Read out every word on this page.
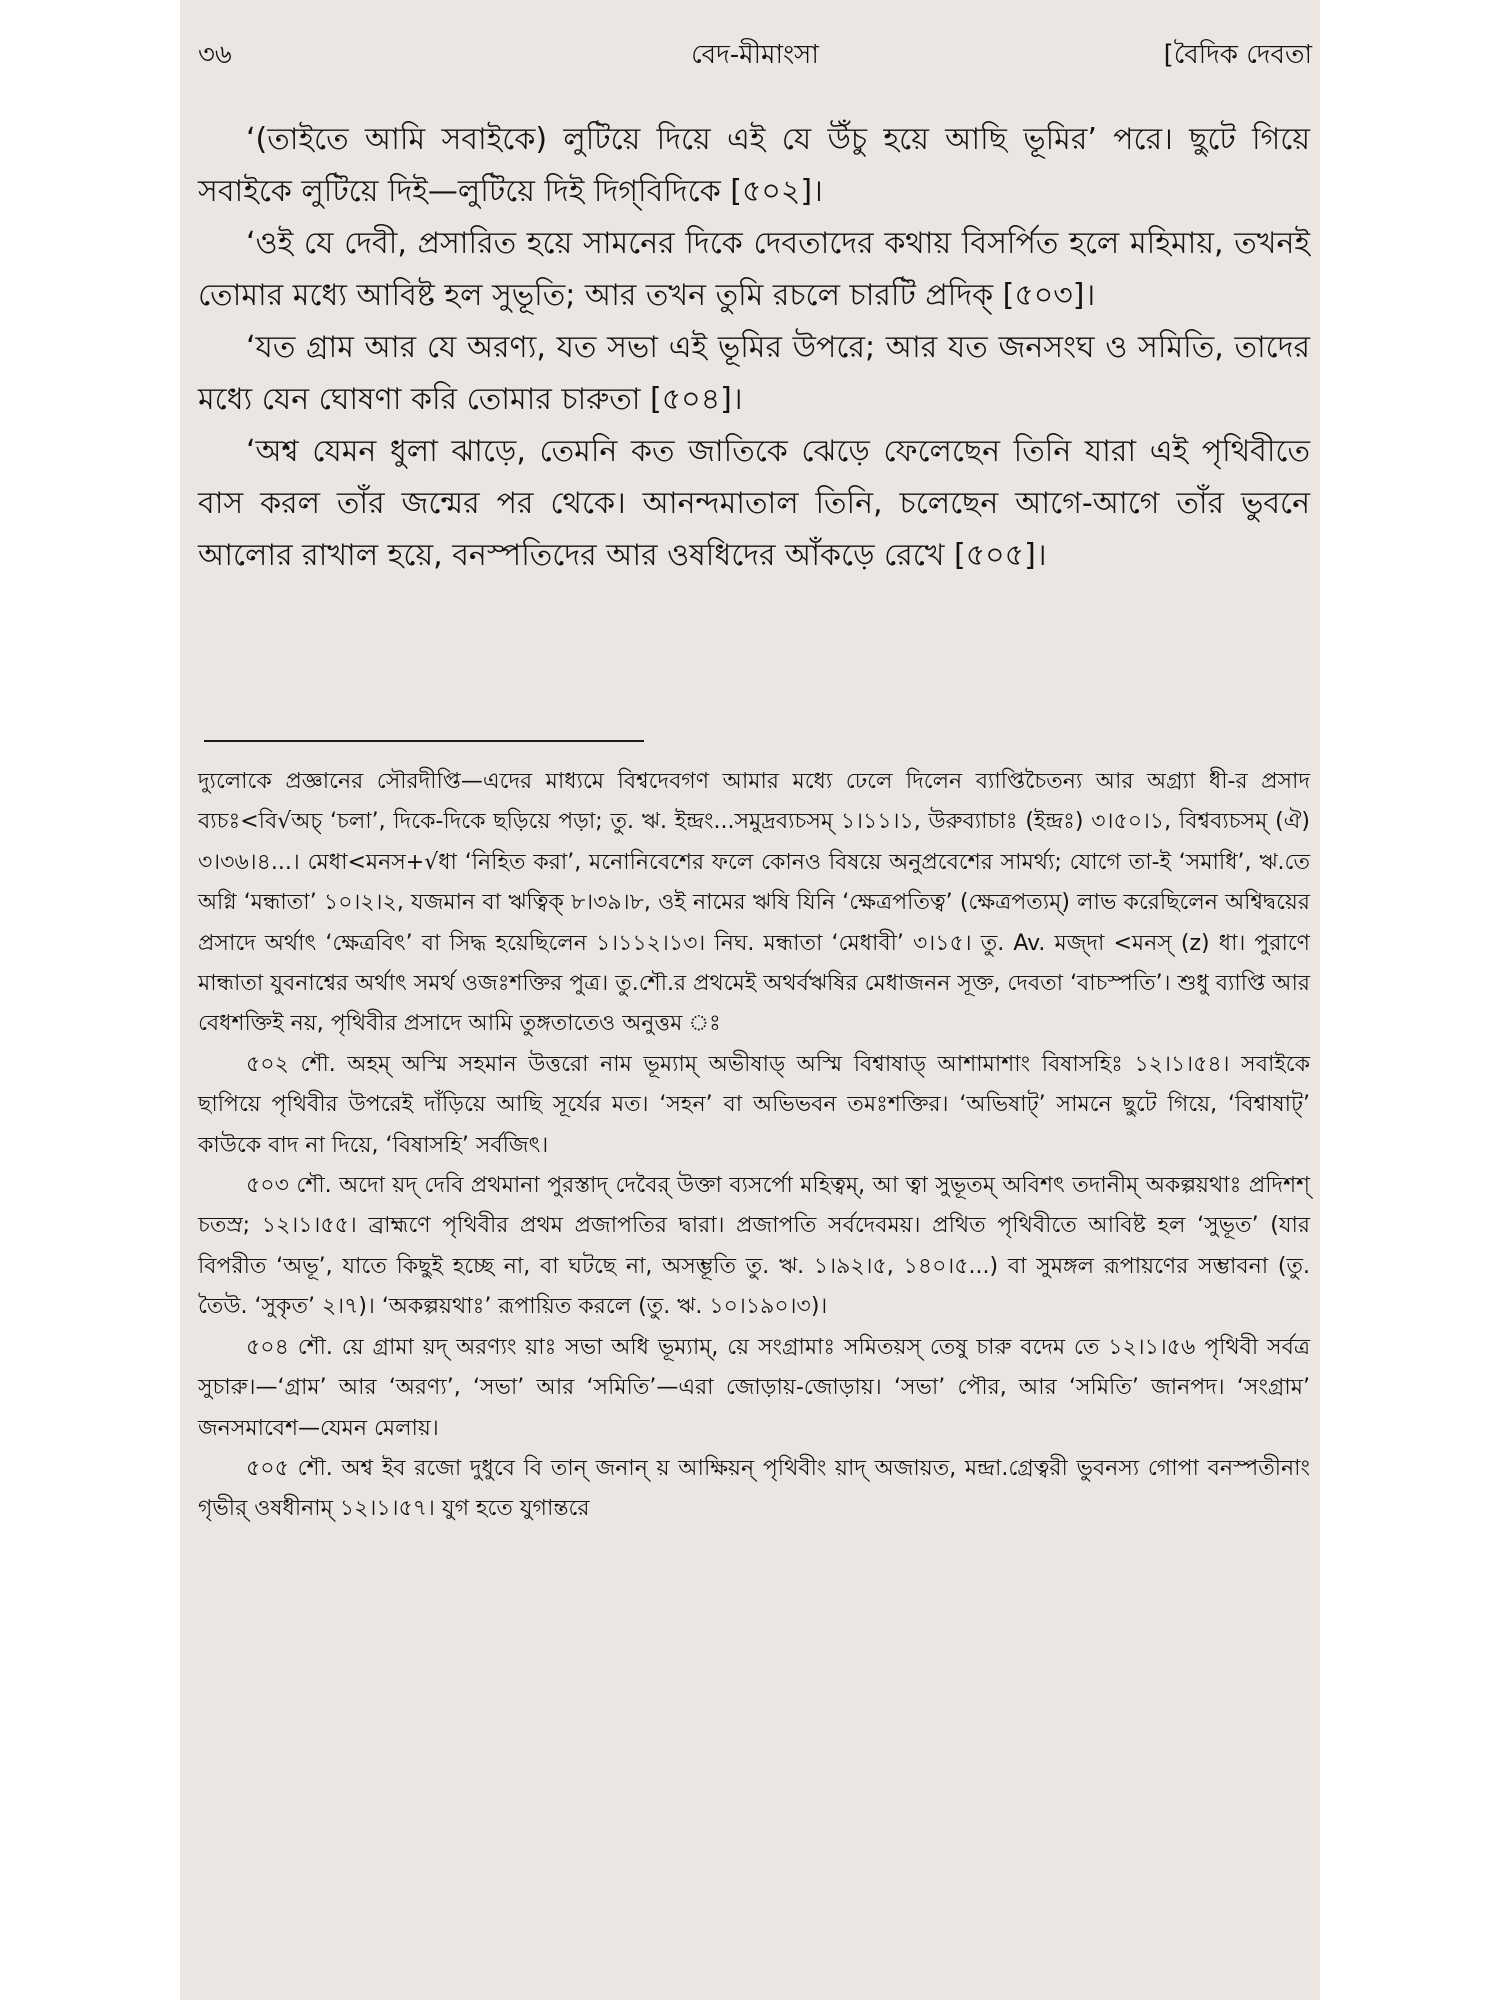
৩৬	বেদ-মীমাংসা	[বৈদিক দেবতা

‘(তাইতে আমি সবাইকে) লুটিয়ে দিয়ে এই যে উঁচু হয়ে আছি ভূমির’ পরে। ছুটে গিয়ে সবাইকে লুটিয়ে দিই—লুটিয়ে দিই দিগ্‌বিদিকে [৫০২]।

‘ওই যে দেবী, প্রসারিত হয়ে সামনের দিকে দেবতাদের কথায় বিসর্পিত হলে মহিমায়, তখনই তোমার মধ্যে আবিষ্ট হল সুভূতি; আর তখন তুমি রচলে চারটি প্রদিক্‌ [৫০৩]।

‘যত গ্রাম আর যে অরণ্য, যত সভা এই ভূমির উপরে; আর যত জনসংঘ ও সমিতি, তাদের মধ্যে যেন ঘোষণা করি তোমার চারুতা [৫০৪]।

‘অশ্ব যেমন ধুলা ঝাড়ে, তেমনি কত জাতিকে ঝেড়ে ফেলেছেন তিনি যারা এই পৃথিবীতে বাস করল তাঁর জন্মের পর থেকে। আনন্দমাতাল তিনি, চলেছেন আগে-আগে তাঁর ভুবনে আলোর রাখাল হয়ে, বনস্পতিদের আর ওষধিদের আঁকড়ে রেখে [৫০৫]।

দ্যুলোকে প্রজ্ঞানের সৌরদীপ্তি—এদের মাধ্যমে বিশ্বদেবগণ আমার মধ্যে ঢেলে দিলেন ব্যাপ্তিচৈতন্য আর অগ্র্যা ধী-র প্রসাদ ব্যচঃ<বি√অচ্‌ ‘চলা’, দিকে-দিকে ছড়িয়ে পড়া; তু. ঋ. ইন্দ্রং...সমুদ্রব্যচসম্‌ ১।১১।১, উরুব্যাচাঃ (ইন্দ্রঃ) ৩।৫০।১, বিশ্বব্যচসম্‌ (ঐ) ৩।৩৬।৪...। মেধা<মনস+√ধা ‘নিহিত করা’, মনোনিবেশের ফলে কোনও বিষয়ে অনুপ্রবেশের সামর্থ্য; যোগে তা-ই ‘সমাধি’, ঋ.তে অগ্নি ‘মন্ধাতা’ ১০।২।২, যজমান বা ঋত্বিক্‌ ৮।৩৯।৮, ওই নামের ঋষি যিনি ‘ক্ষেত্রপতিত্ব’ (ক্ষেত্রপত্যম্‌) লাভ করেছিলেন অশ্বিদ্বয়ের প্রসাদে অর্থাৎ ‘ক্ষেত্রবিৎ’ বা সিদ্ধ হয়েছিলেন ১।১১২।১৩। নিঘ. মন্ধাতা ‘মেধাবী’ ৩।১৫। তু. Av. মজ্‌দা <মনস্‌ (z) ধা। পুরাণে মান্ধাতা যুবনাশ্বের অর্থাৎ সমর্থ ওজঃশক্তির পুত্র। তু.শৌ.র প্রথমেই অথর্বঋষির মেধাজনন সূক্ত, দেবতা ‘বাচস্পতি’। শুধু ব্যাপ্তি আর বেধশক্তিই নয়, পৃথিবীর প্রসাদে আমি তুঙ্গতাতেও অনুত্তম ঃ

৫০২ শৌ. অহম্‌ অস্মি সহমান উত্তরো নাম ভূম্যাম্‌ অভীষাড্‌ অস্মি বিশ্বাষাড্‌ আশামাশাং বিষাসহিঃ ১২।১।৫৪। সবাইকে ছাপিয়ে পৃথিবীর উপরেই দাঁড়িয়ে আছি সূর্যের মত। ‘সহন’ বা অভিভবন তমঃশক্তির। ‘অভিষাট্‌’ সামনে ছুটে গিয়ে, ‘বিশ্বাষাট্‌’ কাউকে বাদ না দিয়ে, ‘বিষাসহি’ সর্বজিৎ।

৫০৩ শৌ. অদো য়দ্‌ দেবি প্রথমানা পুরস্তাদ্‌ দেবৈর্‌ উক্তা ব্যসর্পো মহিত্বম্‌, আ ত্বা সুভূতম্‌ অবিশৎ তদানীম্‌ অকল্পয়থাঃ প্রদিশশ্‌ চতস্র; ১২।১।৫৫। ব্রাহ্মণে পৃথিবীর প্রথম প্রজাপতির দ্বারা। প্রজাপতি সর্বদেবময়। প্রথিত পৃথিবীতে আবিষ্ট হল ‘সুভূত’ (যার বিপরীত ‘অভূ’, যাতে কিছুই হচ্ছে না, বা ঘটছে না, অসম্ভূতি তু. ঋ. ১।৯২।৫, ১৪০।৫...) বা সুমঙ্গল রূপায়ণের সম্ভাবনা (তু. তৈউ. ‘সুকৃত’ ২।৭)। ‘অকল্পয়থাঃ’ রূপায়িত করলে (তু. ঋ. ১০।১৯০।৩)।

৫০৪ শৌ. য়ে গ্রামা য়দ্‌ অরণ্যং য়াঃ সভা অধি ভূম্যাম্‌, য়ে সংগ্রামাঃ সমিতয়স্‌ তেষু চারু বদেম তে ১২।১।৫৬ পৃথিবী সর্বত্র সুচারু।—‘গ্রাম’ আর ‘অরণ্য’, ‘সভা’ আর ‘সমিতি’—এরা জোড়ায়-জোড়ায়। ‘সভা’ পৌর, আর ‘সমিতি’ জানপদ। ‘সংগ্রাম’ জনসমাবেশ—যেমন মেলায়।

৫০৫ শৌ. অশ্ব ইব রজো দুধুবে বি তান্‌ জনান্‌ য় আক্ষিয়ন্‌ পৃথিবীং য়াদ্‌ অজায়ত, মন্দ্রা.গ্রেত্বরী ভুবনস্য গোপা বনস্পতীনাং গৃভীর্‌ ওষধীনাম্‌ ১২।১।৫৭। যুগ হতে যুগান্তরে
